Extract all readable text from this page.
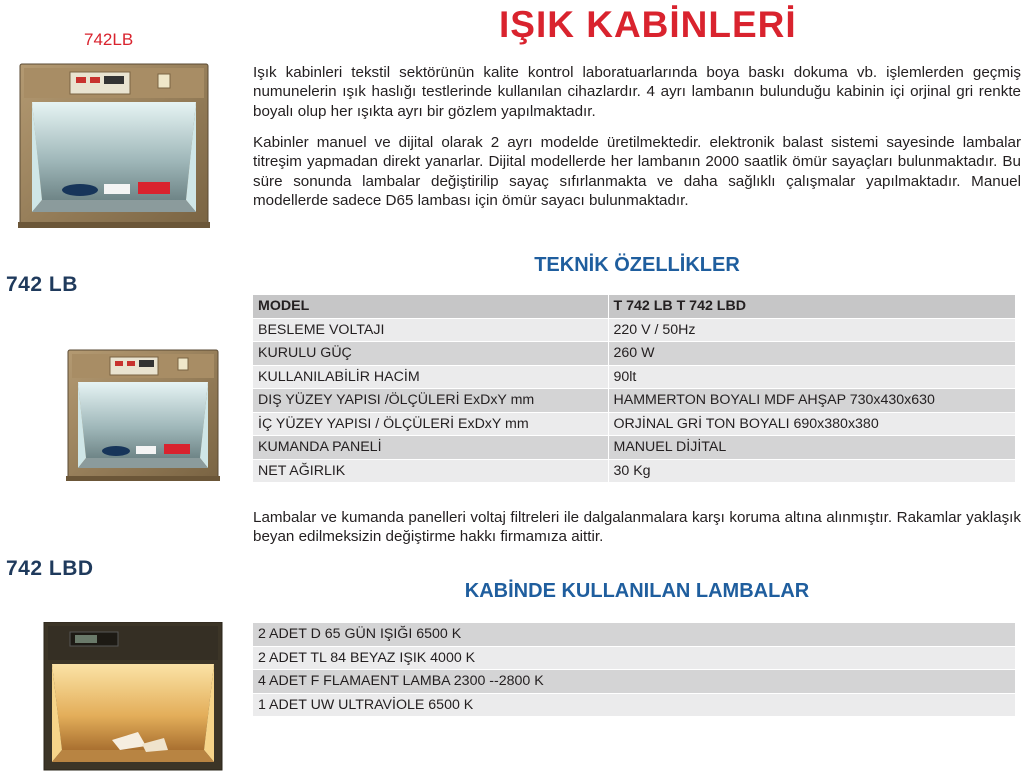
742LB
742 LB
742 LBD
IŞIK KABİNLERİ
Işık kabinleri tekstil sektörünün kalite kontrol laboratuarlarında boya baskı dokuma vb. işlemlerden geçmiş numunelerin ışık haslığı testlerinde kullanılan cihazlardır. 4 ayrı lambanın bulunduğu kabinin içi orjinal gri renkte boyalı olup her ışıkta ayrı bir gözlem yapılmaktadır.
Kabinler manuel ve dijital olarak 2 ayrı modelde üretilmektedir. elektronik balast sistemi sayesinde lambalar titreşim yapmadan direkt yanarlar. Dijital modellerde her lambanın 2000 saatlik ömür sayaçları bulunmaktadır. Bu süre sonunda lambalar değiştirilip sayaç sıfırlanmakta ve daha sağlıklı çalışmalar yapılmaktadır. Manuel modellerde sadece D65 lambası için ömür sayacı bulunmaktadır.
TEKNİK ÖZELLİKLER
MODEL	T 742 LB T 742 LBD
BESLEME VOLTAJI	220 V / 50Hz
KURULU GÜÇ	260 W
KULLANILABİLİR HACİM	90lt
DIŞ YÜZEY YAPISI /ÖLÇÜLERİ ExDxY mm	HAMMERTON BOYALI MDF AHŞAP 730x430x630
İÇ YÜZEY YAPISI / ÖLÇÜLERİ ExDxY mm	ORJİNAL GRİ TON BOYALI 690x380x380
KUMANDA PANELİ	MANUEL DİJİTAL
NET AĞIRLIK	30 Kg
Lambalar ve kumanda panelleri voltaj filtreleri ile dalgalanmalara karşı koruma altına alınmıştır. Rakamlar yaklaşık beyan edilmeksizin değiştirme hakkı firmamıza aittir.
KABİNDE KULLANILAN LAMBALAR
2 ADET D 65 GÜN IŞIĞI 6500 K
2 ADET TL 84 BEYAZ IŞIK 4000 K
4 ADET F FLAMAENT LAMBA 2300 --2800 K
1 ADET UW ULTRAVİOLE 6500 K
